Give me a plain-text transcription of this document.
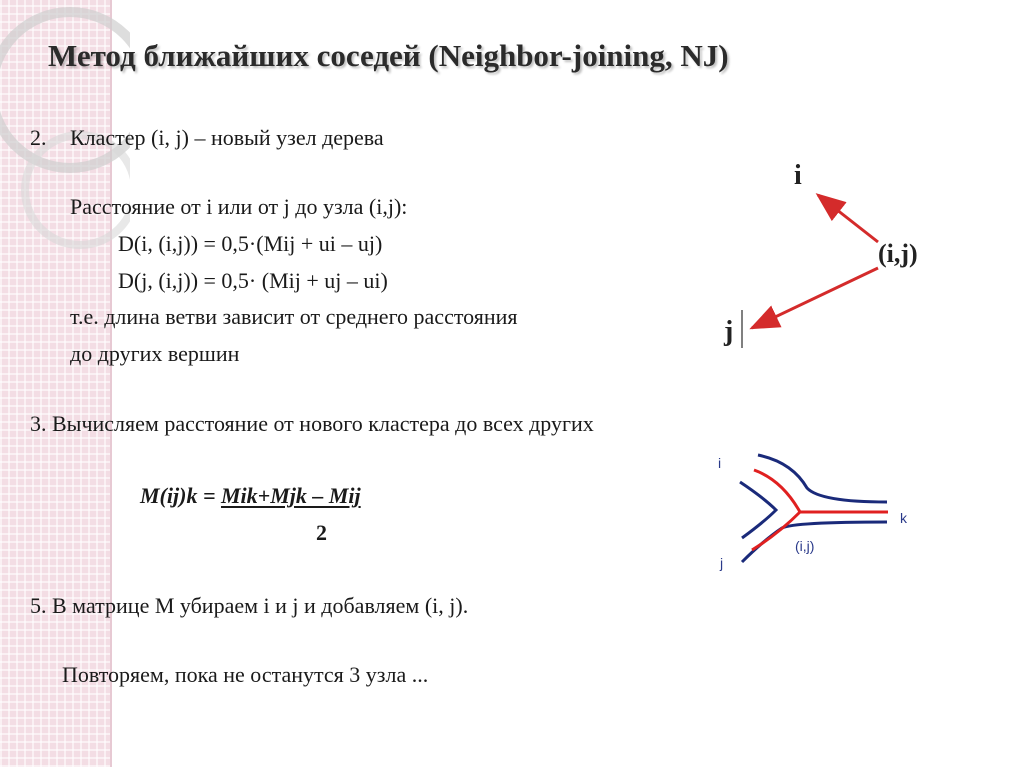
Метод ближайших соседей (Neighbor-joining, NJ)
2. Кластер (i, j) – новый узел дерева
Расстояние от i или от j до узла (i,j):
D(i, (i,j)) = 0,5·(Mij + ui – uj)
D(j, (i,j)) = 0,5· (Mij + uj – ui)
т.е. длина ветви зависит от среднего расстояния
до других вершин
3. Вычисляем расстояние от нового кластера до всех других
M(ij)k = Mik+Mjk – Mij
2
5. В матрице М убираем i и j и добавляем (i, j).
Повторяем, пока не останутся 3 узла ...
i
(i,j)
j
i
j
k
(i,j)
